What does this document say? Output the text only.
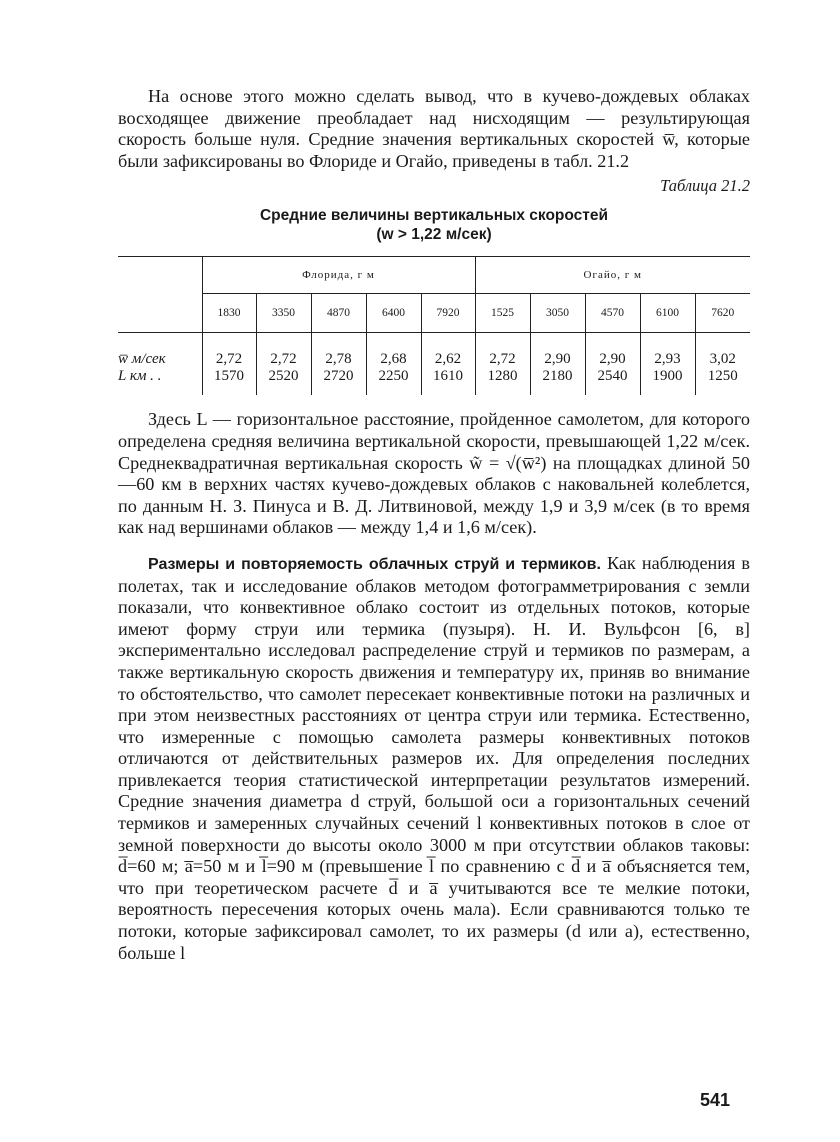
На основе этого можно сделать вывод, что в кучево-дождевых облаках восходящее движение преобладает над нисходящим — результирующая скорость больше нуля. Средние значения вертикальных скоростей w̅, которые были зафиксированы во Флориде и Огайо, приведены в табл. 21.2

Таблица 21.2
Средние величины вертикальных скоростей
(w > 1,22 м/сек)
	Флорида, г м					Огайо, г м				
	1830	3350	4870	6400	7920	1525	3050	4570	6100	7620
w̅ м/сек	2,72	2,72	2,78	2,68	2,62	2,72	2,90	2,90	2,93	3,02
L км . .	1570	2520	2720	2250	1610	1280	2180	2540	1900	1250

Здесь L — горизонтальное расстояние, пройденное самолетом, для которого определена средняя величина вертикальной скорости, превышающей 1,22 м/сек. Среднеквадратичная вертикальная скорость w̃ = √(w̅²) на площадках длиной 50—60 км в верхних частях кучево-дождевых облаков с наковальней колеблется, по данным Н. З. Пинуса и В. Д. Литвиновой, между 1,9 и 3,9 м/сек (в то время как над вершинами облаков — между 1,4 и 1,6 м/сек).

Размеры и повторяемость облачных струй и термиков. Как наблюдения в полетах, так и исследование облаков методом фотограмметрирования с земли показали, что конвективное облако состоит из отдельных потоков, которые имеют форму струи или термика (пузыря). Н. И. Вульфсон [6, в] экспериментально исследовал распределение струй и термиков по размерам, а также вертикальную скорость движения и температуру их, приняв во внимание то обстоятельство, что самолет пересекает конвективные потоки на различных и при этом неизвестных расстояниях от центра струи или термика. Естественно, что измеренные с помощью самолета размеры конвективных потоков отличаются от действительных размеров их. Для определения последних привлекается теория статистической интерпретации результатов измерений. Средние значения диаметра d струй, большой оси a горизонтальных сечений термиков и замеренных случайных сечений l конвективных потоков в слое от земной поверхности до высоты около 3000 м при отсутствии облаков таковы: d̅=60 м; a̅=50 м и l̅=90 м (превышение l̅ по сравнению с d̅ и a̅ объясняется тем, что при теоретическом расчете d̅ и a̅ учитываются все те мелкие потоки, вероятность пересечения которых очень мала). Если сравниваются только те потоки, которые зафиксировал самолет, то их размеры (d или a), естественно, больше l

541
